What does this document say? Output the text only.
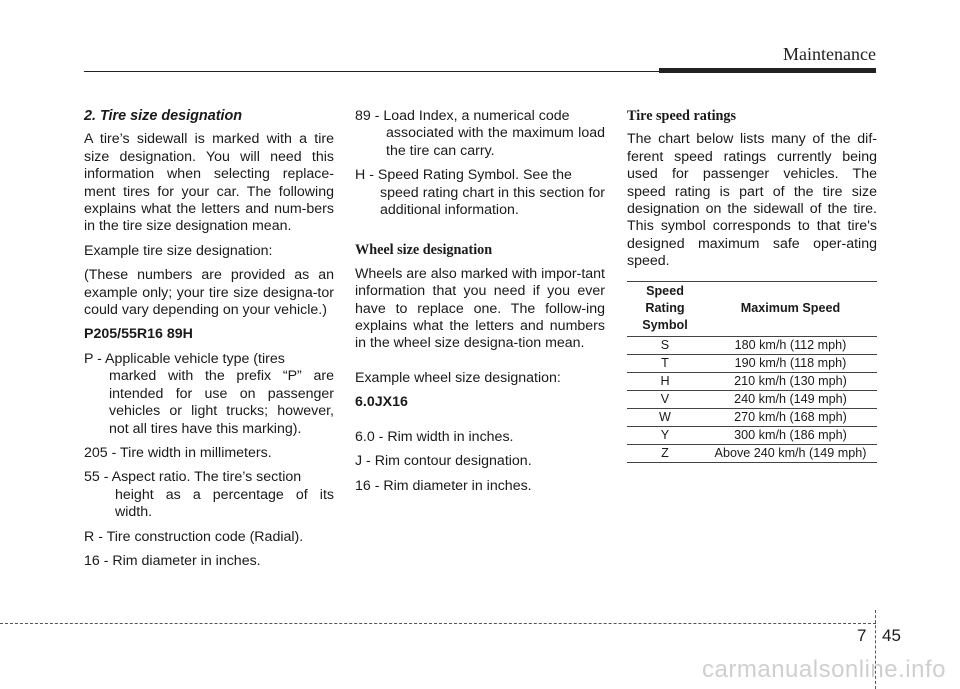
Maintenance
2. Tire size designation

A tire’s sidewall is marked with a tire size designation. You will need this information when selecting replace-ment tires for your car. The following explains what the letters and num-bers in the tire size designation mean.

Example tire size designation:

(These numbers are provided as an example only; your tire size designa-tor could vary depending on your vehicle.)

P205/55R16 89H

P - Applicable vehicle type (tires
marked with the prefix “P” are intended for use on passenger vehicles or light trucks; however, not all tires have this marking).
205 - Tire width in millimeters.
55 - Aspect ratio. The tire’s section
height as a percentage of its width.
R - Tire construction code (Radial).
16 - Rim diameter in inches.
89 - Load Index, a numerical code
associated with the maximum load the tire can carry.
H - Speed Rating Symbol. See the
speed rating chart in this section for additional information.
Wheel size designation

Wheels are also marked with impor-tant information that you need if you ever have to replace one. The follow-ing explains what the letters and numbers in the wheel size designa-tion mean.

Example wheel size designation:

6.0JX16

6.0 - Rim width in inches.

J - Rim contour designation.

16 - Rim diameter in inches.

Tire speed ratings

The chart below lists many of the dif-ferent speed ratings currently being used for passenger vehicles. The speed rating is part of the tire size designation on the sidewall of the tire. This symbol corresponds to that tire's designed maximum safe oper-ating speed.

Speed Rating Symbol	Maximum Speed
S	180 km/h (112 mph)
T	190 km/h (118 mph)
H	210 km/h (130 mph)
V	240 km/h (149 mph)
W	270 km/h (168 mph)
Y	300 km/h (186 mph)
Z	Above 240 km/h (149 mph)
7 45
carmanualsonline.info
